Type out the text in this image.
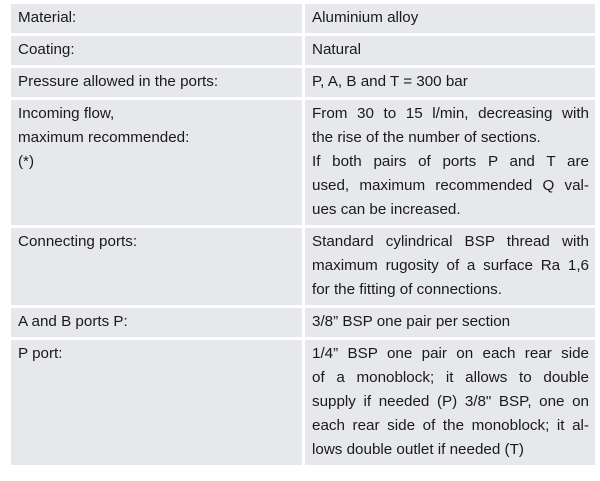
Material:	Aluminium alloy

Coating:	Natural

Pressure allowed in the ports:	P, A, B and T = 300 bar

Incoming flow,
maximum recommended:
(*)	From 30 to 15 l/min, decreasing with
the rise of the number of sections.
If both pairs of ports P and T are
used, maximum recommended Q val-
ues can be increased.

Connecting ports:	Standard cylindrical BSP thread with
maximum rugosity of a surface Ra 1,6
for the fitting of connections.

A and B ports P:	3/8” BSP one pair per section

P port:	1/4” BSP one pair on each rear side
of a monoblock; it allows to double
supply if needed (P) 3/8" BSP, one on
each rear side of the monoblock; it al-
lows double outlet if needed (T)
